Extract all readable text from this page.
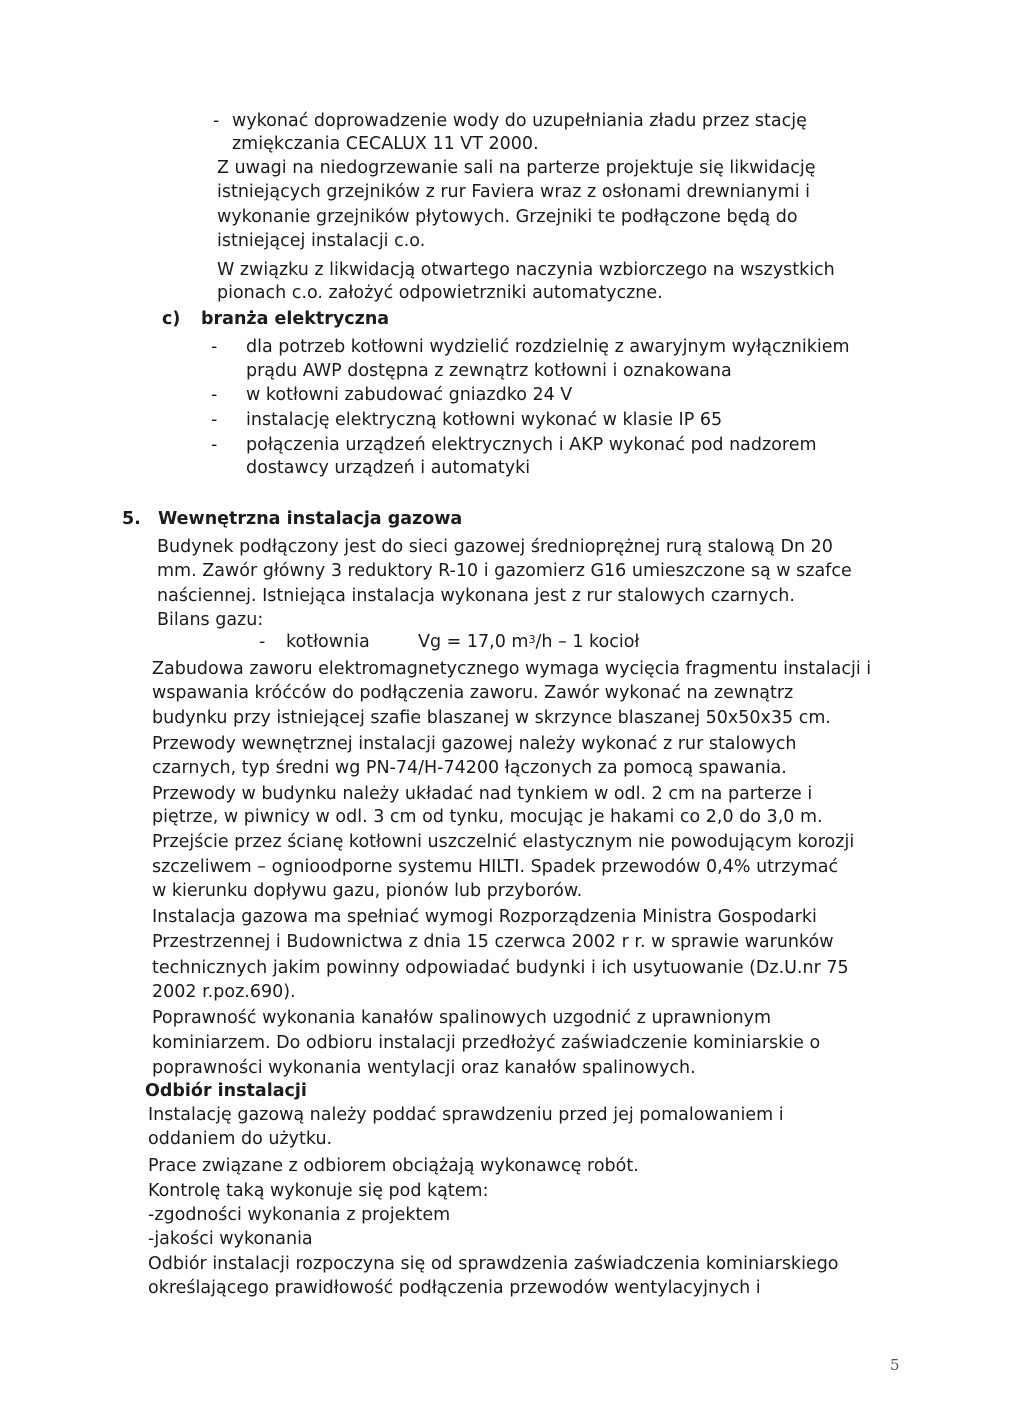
- wykonać doprowadzenie wody do uzupełniania zładu przez stację
zmiękczania CECALUX 11 VT 2000.
Z uwagi na niedogrzewanie sali na parterze projektuje się likwidację
istniejących grzejników z rur Faviera wraz z osłonami drewnianymi i
wykonanie grzejników płytowych. Grzejniki te podłączone będą do
istniejącej instalacji c.o.
W związku z likwidacją otwartego naczynia wzbiorczego na wszystkich
pionach c.o. założyć odpowietrzniki automatyczne.
c) branża elektryczna
- dla potrzeb kotłowni wydzielić rozdzielnię z awaryjnym wyłącznikiem
prądu AWP dostępna z zewnątrz kotłowni i oznakowana
- w kotłowni zabudować gniazdko 24 V
- instalację elektryczną kotłowni wykonać w klasie IP 65
- połączenia urządzeń elektrycznych i AKP wykonać pod nadzorem
dostawcy urządzeń i automatyki
5. Wewnętrzna instalacja gazowa
Budynek podłączony jest do sieci gazowej średnioprężnej rurą stalową Dn 20
mm. Zawór główny 3 reduktory R-10 i gazomierz G16 umieszczone są w szafce
naściennej. Istniejąca instalacja wykonana jest z rur stalowych czarnych.
Bilans gazu:
- kotłownia	Vg = 17,0 $m^3/h - 1$ kocioł
Zabudowa zaworu elektromagnetycznego wymaga wycięcia fragmentu instalacji i
wspawania króćców do podłączenia zaworu. Zawór wykonać na zewnątrz
budynku przy istniejącej szafie blaszanej w skrzynce blaszanej 50x50x35 cm.
Przewody wewnętrznej instalacji gazowej należy wykonać z rur stalowych
czarnych, typ średni wg PN-74/H-74200 łączonych za pomocą spawania.
Przewody w budynku należy układać nad tynkiem w odl. 2 cm na parterze i
piętrze, w piwnicy w odl. 3 cm od tynku, mocując je hakami co 2,0 do 3,0 m.
Przejście przez ścianę kotłowni uszczelnić elastycznym nie powodującym korozji
szczeliwem – ognioodporne systemu HILTI. Spadek przewodów 0,4% utrzymać
w kierunku dopływu gazu, pionów lub przyborów.
Instalacja gazowa ma spełniać wymogi Rozporządzenia Ministra Gospodarki
Przestrzennej i Budownictwa z dnia 15 czerwca 2002 r r. w sprawie warunków
technicznych jakim powinny odpowiadać budynki i ich usytuowanie (Dz.U.nr 75
2002 r.poz.690).
Poprawność wykonania kanałów spalinowych uzgodnić z uprawnionym
kominiarzem. Do odbioru instalacji przedłożyć zaświadczenie kominiarskie o
poprawności wykonania wentylacji oraz kanałów spalinowych.
Odbiór instalacji
Instalację gazową należy poddać sprawdzeniu przed jej pomalowaniem i
oddaniem do użytku.
Prace związane z odbiorem obciążają wykonawcę robót.
Kontrolę taką wykonuje się pod kątem:
-zgodności wykonania z projektem
-jakości wykonania
Odbiór instalacji rozpoczyna się od sprawdzenia zaświadczenia kominiarskiego
określającego prawidłowość podłączenia przewodów wentylacyjnych i
5
